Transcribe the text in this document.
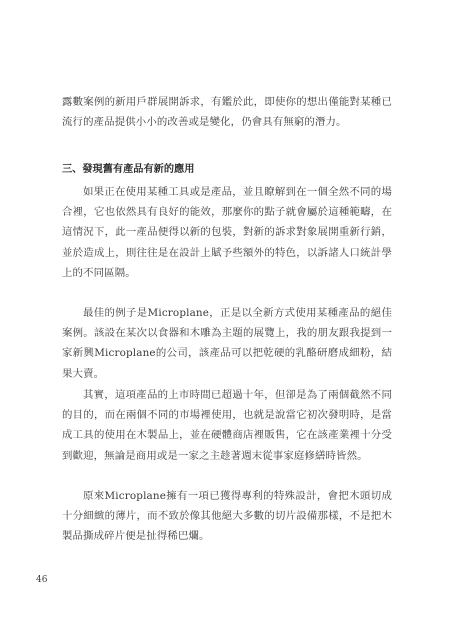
露數案例的新用戶群展開訴求，有鑑於此，即使你的想出僅能對某種已流行的產品提供小小的改善或是變化，仍會具有無窮的潛力。

三、發現舊有產品有新的應用

如果正在使用某種工具或是產品，並且瞭解到在一個全然不同的場合裡，它也依然具有良好的能效，那麼你的點子就會屬於這種範疇，在這情況下，此一產品便得以新的包裝，對新的訴求對象展開重新行銷，並於造成上，則往往是在設計上賦予些額外的特色，以訴諸人口統計學上的不同區隔。

最佳的例子是Microplane，正是以全新方式使用某種產品的絕佳案例。該設在某次以食器和木雕為主題的展覽上，我的朋友跟我提到一家新興Microplane的公司，該產品可以把乾硬的乳酪研磨成細粉，結果大賣。

其實，這項產品的上市時間已超過十年，但卻是為了兩個截然不同的目的，而在兩個不同的市場裡使用，也就是說當它初次發明時，是當成工具的使用在木製品上，並在硬體商店裡販售，它在該產業裡十分受到歡迎，無論是商用或是一家之主趁著週末從事家庭修繕時皆然。

原來Microplane擁有一項已獲得專利的特殊設計，會把木頭切成十分細緻的薄片，而不致於像其他絕大多數的切片設備那樣，不是把木製品撕成碎片便是扯得稀巴爛。

46
